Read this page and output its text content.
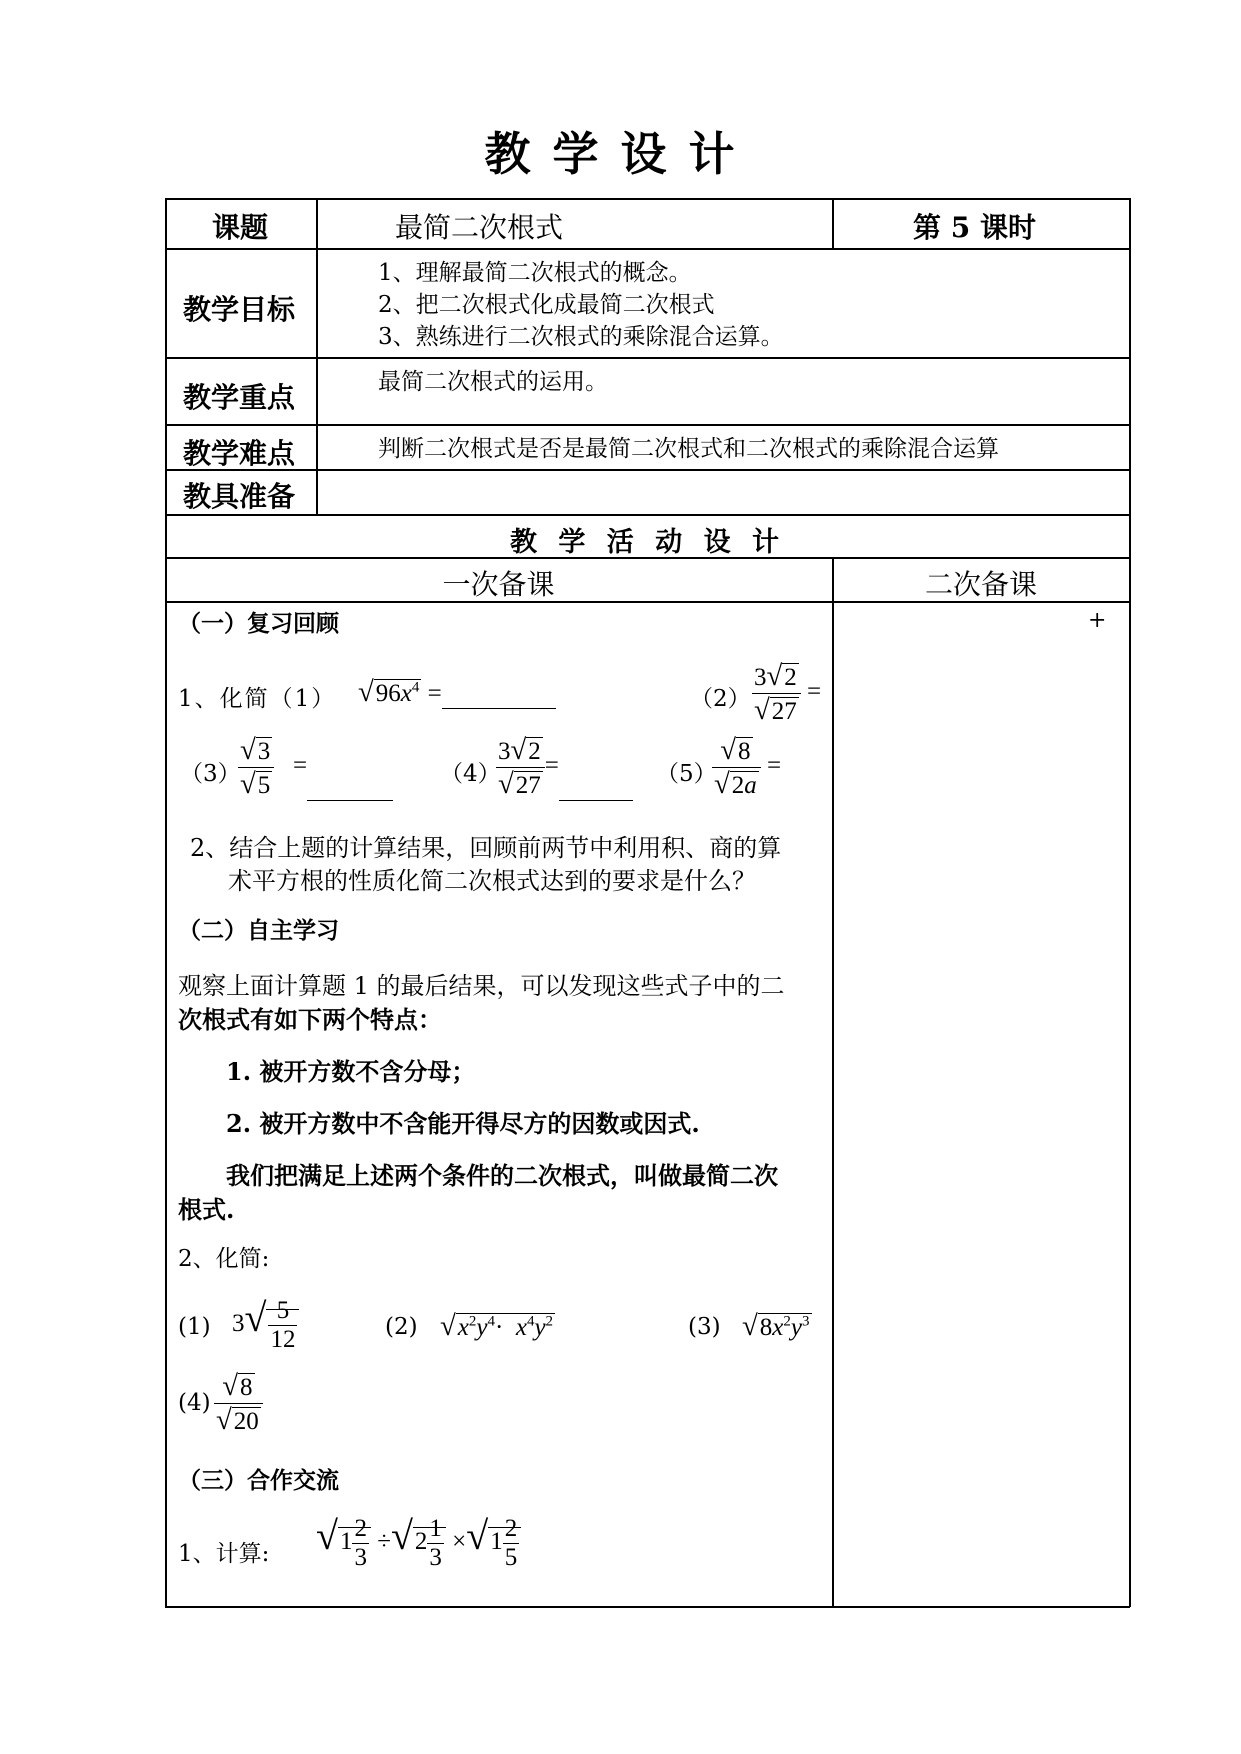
教学设计
课题	最简二次根式	第 5 课时
教学目标
1、理解最简二次根式的概念。
2、把二次根式化成最简二次根式
3、熟练进行二次根式的乘除混合运算。
教学重点	最简二次根式的运用。
教学难点	判断二次根式是否是最简二次根式和二次根式的乘除混合运算
教具准备
教 学 活 动 设 计
一次备课	二次备课
+
（一）复习回顾
1、化简（1） $√96x^4$ =	$(2) \frac{3√2}{√27}$ =
（3）
$\frac{√3}{√5}$ =	（4）
$\frac{3√2}{√27}$ =	（5）
$\frac{√8}{√2a}$ =
2、结合上题的计算结果，回顾前两节中利用积、商的算
术平方根的性质化简二次根式达到的要求是什么？
（二）自主学习
观察上面计算题 1 的最后结果，可以发现这些式子中的二
次根式有如下两个特点：
1. 被开方数不含分母；
2. 被开方数中不含能开得尽方的因数或因式.
我们把满足上述两个条件的二次根式，叫做最简二次
根式.
2、化简:
(1) $3√ \frac{5}{12}$	(2) $√x^2y^4\cdot x^4y^2$	(3) $√8x^2y^3$
$(4) \frac{√8}{√20}$
（三）合作交流
1、计算: $√1 \frac{2}{3} \div√2 \frac{1}{3} \times√1 \frac{2}{5}$
